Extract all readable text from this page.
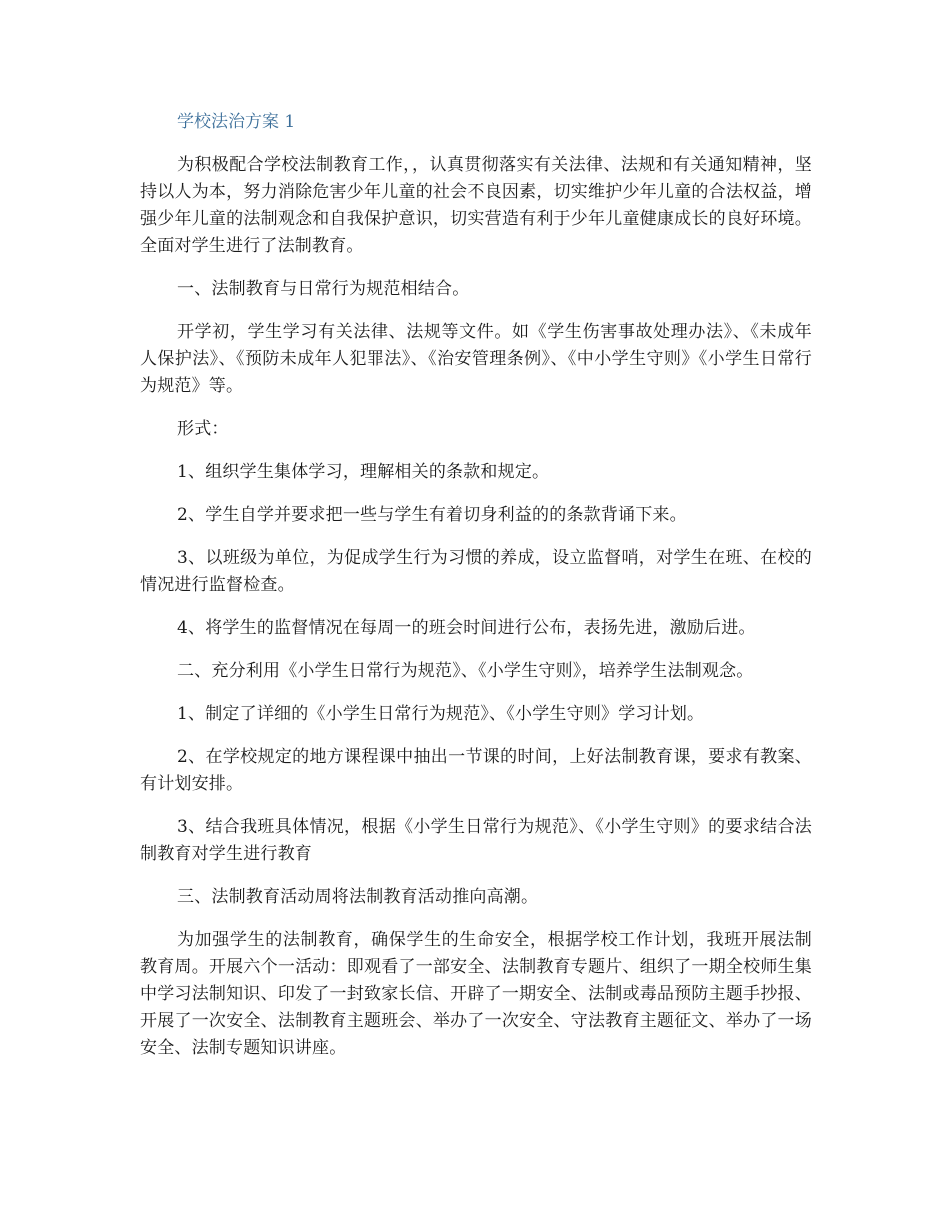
学校法治方案 1

为积极配合学校法制教育工作，，认真贯彻落实有关法律、法规和有关通知精神，坚持以人为本，努力消除危害少年儿童的社会不良因素，切实维护少年儿童的合法权益，增强少年儿童的法制观念和自我保护意识，切实营造有利于少年儿童健康成长的良好环境。全面对学生进行了法制教育。

一、法制教育与日常行为规范相结合。

开学初，学生学习有关法律、法规等文件。如《学生伤害事故处理办法》、《未成年人保护法》、《预防未成年人犯罪法》、《治安管理条例》、《中小学生守则》《小学生日常行为规范》等。

形式：

1、组织学生集体学习，理解相关的条款和规定。

2、学生自学并要求把一些与学生有着切身利益的的条款背诵下来。

3、以班级为单位，为促成学生行为习惯的养成，设立监督哨，对学生在班、在校的情况进行监督检查。

4、将学生的监督情况在每周一的班会时间进行公布，表扬先进，激励后进。

二、充分利用《小学生日常行为规范》、《小学生守则》，培养学生法制观念。

1、制定了详细的《小学生日常行为规范》、《小学生守则》学习计划。

2、在学校规定的地方课程课中抽出一节课的时间，上好法制教育课，要求有教案、有计划安排。

3、结合我班具体情况，根据《小学生日常行为规范》、《小学生守则》的要求结合法制教育对学生进行教育

三、法制教育活动周将法制教育活动推向高潮。

为加强学生的法制教育，确保学生的生命安全，根据学校工作计划，我班开展法制教育周。开展六个一活动：即观看了一部安全、法制教育专题片、组织了一期全校师生集中学习法制知识、印发了一封致家长信、开辟了一期安全、法制或毒品预防主题手抄报、开展了一次安全、法制教育主题班会、举办了一次安全、守法教育主题征文、举办了一场安全、法制专题知识讲座。
